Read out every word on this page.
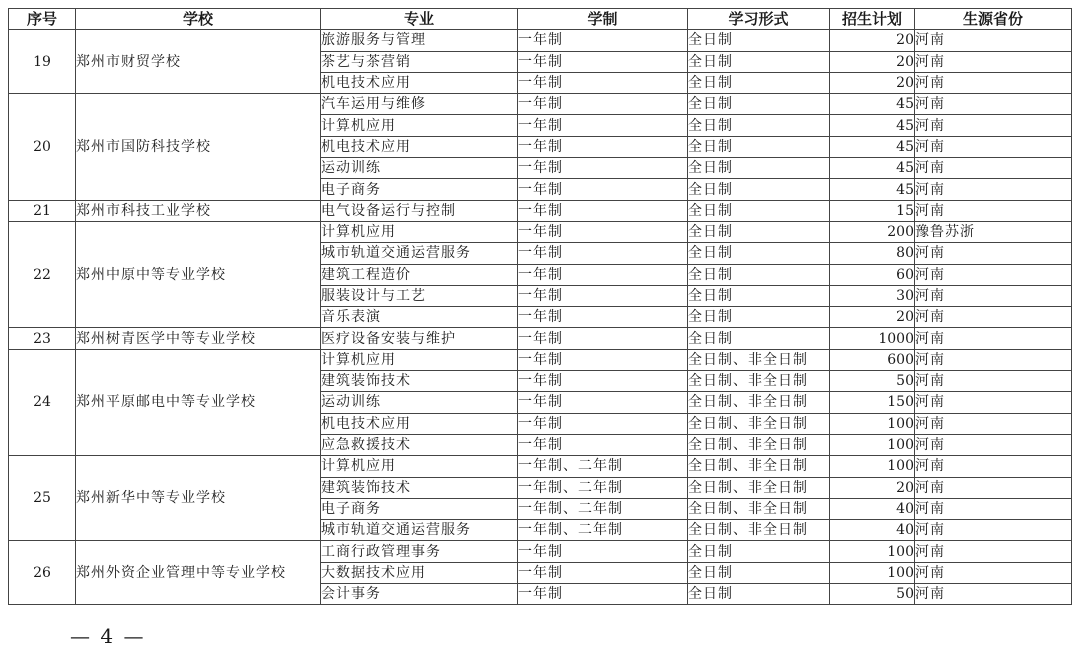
序号	学校	专业	学制	学习形式	招生计划	生源省份
19	郑州市财贸学校	旅游服务与管理	一年制	全日制	20	河南
		茶艺与茶营销	一年制	全日制	20	河南
		机电技术应用	一年制	全日制	20	河南
20	郑州市国防科技学校	汽车运用与维修	一年制	全日制	45	河南
		计算机应用	一年制	全日制	45	河南
		机电技术应用	一年制	全日制	45	河南
		运动训练	一年制	全日制	45	河南
		电子商务	一年制	全日制	45	河南
21	郑州市科技工业学校	电气设备运行与控制	一年制	全日制	15	河南
22	郑州中原中等专业学校	计算机应用	一年制	全日制	200	豫鲁苏浙
		城市轨道交通运营服务	一年制	全日制	80	河南
		建筑工程造价	一年制	全日制	60	河南
		服装设计与工艺	一年制	全日制	30	河南
		音乐表演	一年制	全日制	20	河南
23	郑州树青医学中等专业学校	医疗设备安装与维护	一年制	全日制	1000	河南
24	郑州平原邮电中等专业学校	计算机应用	一年制	全日制、非全日制	600	河南
		建筑装饰技术	一年制	全日制、非全日制	50	河南
		运动训练	一年制	全日制、非全日制	150	河南
		机电技术应用	一年制	全日制、非全日制	100	河南
		应急救援技术	一年制	全日制、非全日制	100	河南
25	郑州新华中等专业学校	计算机应用	一年制、二年制	全日制、非全日制	100	河南
		建筑装饰技术	一年制、二年制	全日制、非全日制	20	河南
		电子商务	一年制、二年制	全日制、非全日制	40	河南
		城市轨道交通运营服务	一年制、二年制	全日制、非全日制	40	河南
26	郑州外资企业管理中等专业学校	工商行政管理事务	一年制	全日制	100	河南
		大数据技术应用	一年制	全日制	100	河南
		会计事务	一年制	全日制	50	河南
— 4 —
